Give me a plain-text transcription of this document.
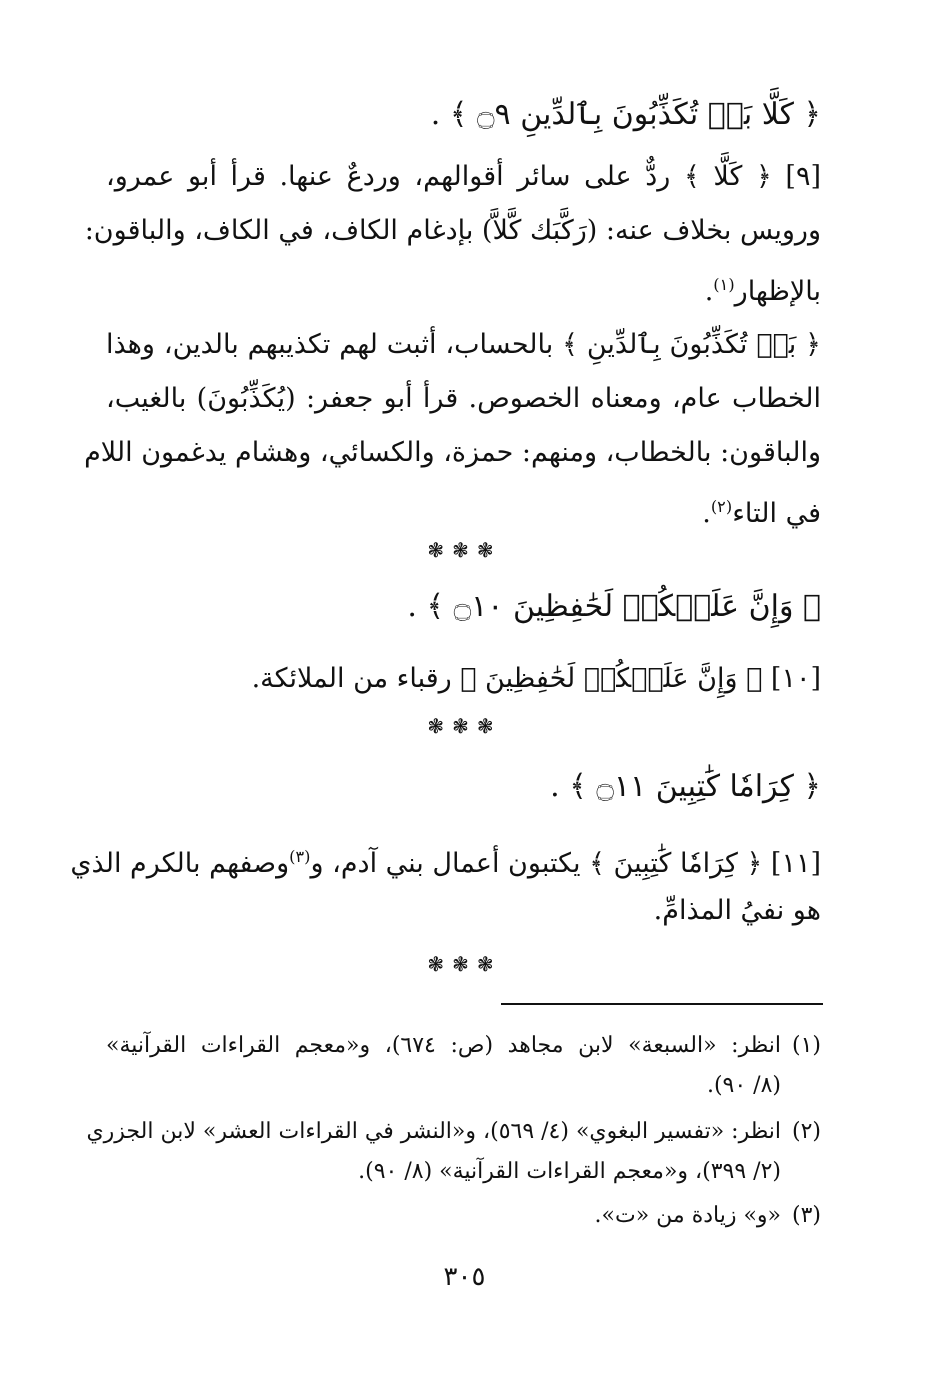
﴿ كَلَّا بَلۡ تُكَذِّبُونَ بِٱلدِّينِ ۝٩ ﴾ .
[٩] ﴿ كَلَّا ﴾ ردٌّ على سائر أقوالهم، وردعٌ عنها. قرأ أبو عمرو،
ورويس بخلاف عنه: (رَكَّبَك كَّلاَّ) بإدغام الكاف، في الكاف، والباقون:
بالإظهار$^{(١)}$.
﴿ بَلۡ تُكَذِّبُونَ بِٱلدِّينِ ﴾ بالحساب، أثبت لهم تكذيبهم بالدين، وهذا
الخطاب عام، ومعناه الخصوص. قرأ أبو جعفر: (يُكَذِّبُونَ) بالغيب،
والباقون: بالخطاب، ومنهم: حمزة، والكسائي، وهشام يدغمون اللام
في التاء$^{(٢)}$.
❃❃❃
﴿ وَإِنَّ عَلَيۡكُمۡ لَحَٰفِظِينَ ۝١٠ ﴾ .
[١٠] ﴿ وَإِنَّ عَلَيۡكُمۡ لَحَٰفِظِينَ ﴾ رقباء من الملائكة.
❃❃❃
﴿ كِرَامٗا كَٰتِبِينَ ۝١١ ﴾ .
[١١] ﴿ كِرَامٗا كَٰتِبِينَ ﴾ يكتبون أعمال بني آدم، و$^{(٣)}$وصفهم بالكرم الذي
هو نفيُ المذامِّ.
❃❃❃
(١)
انظر: «السبعة» لابن مجاهد (ص: ٦٧٤)، و«معجم القراءات القرآنية»
(٨/ ٩٠).
(٢)
انظر: «تفسير البغوي» (٤/ ٥٦٩)، و«النشر في القراءات العشر» لابن الجزري
(٢/ ٣٩٩)، و«معجم القراءات القرآنية» (٨/ ٩٠).
(٣)
«و» زيادة من «ت».
٣٠٥
